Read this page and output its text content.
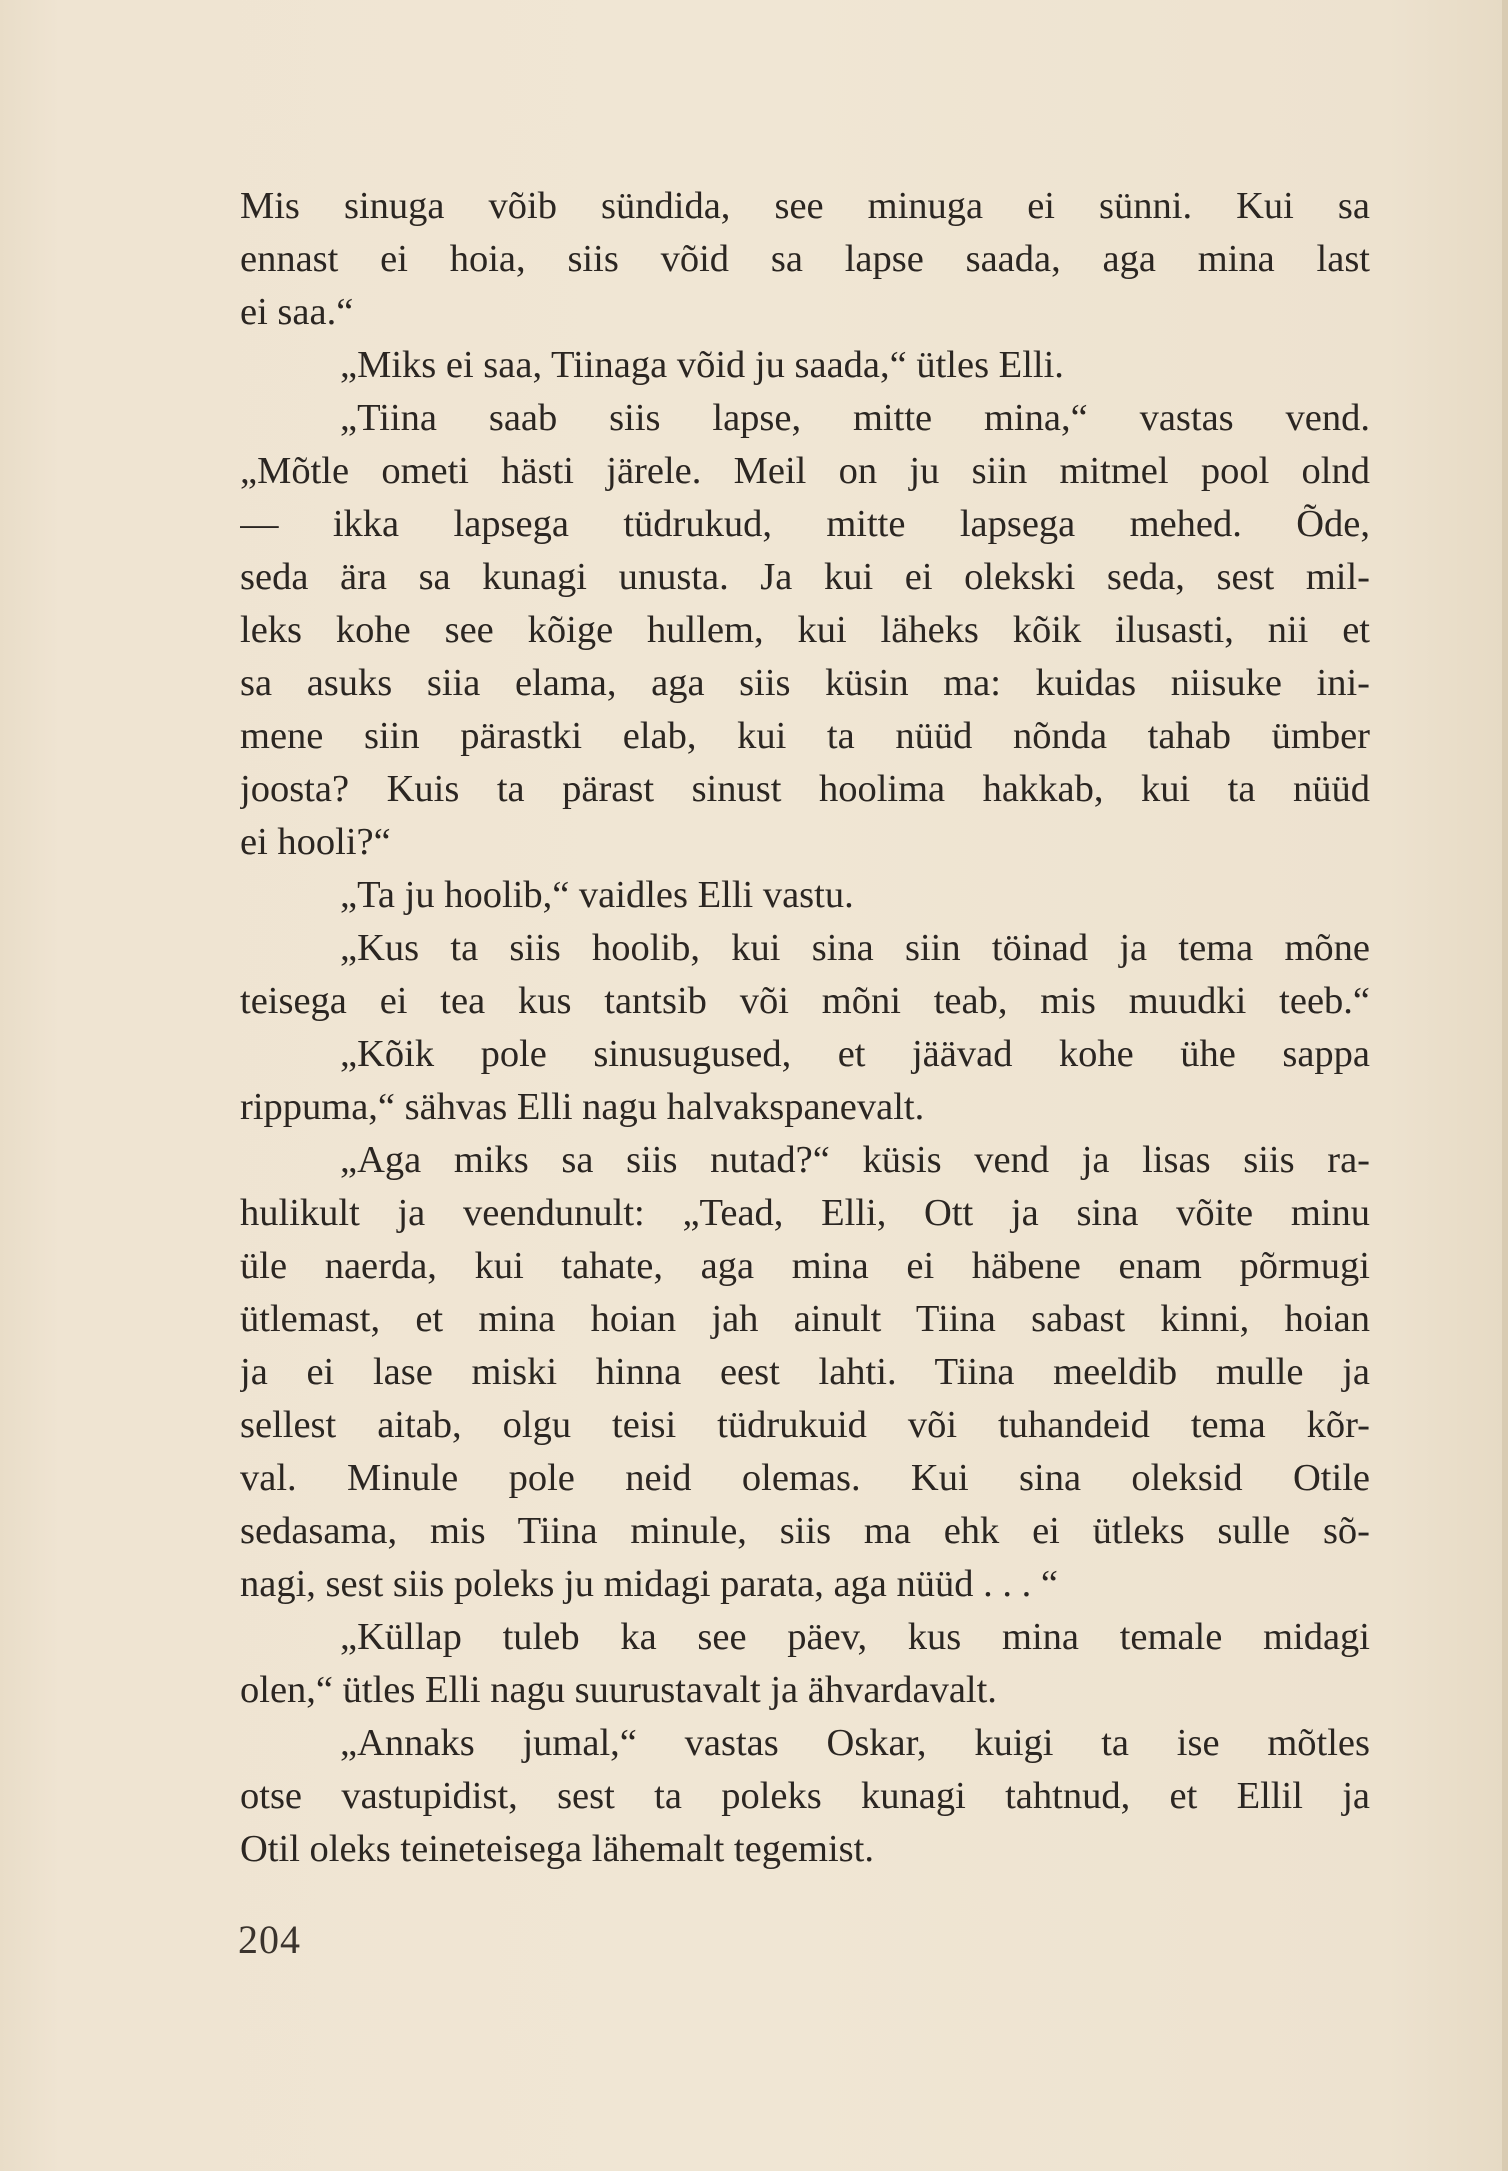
Mis sinuga võib sündida, see minuga ei sünni. Kui sa
ennast ei hoia, siis võid sa lapse saada, aga mina last
ei saa.“
„Miks ei saa, Tiinaga võid ju saada,“ ütles Elli.
„Tiina saab siis lapse, mitte mina,“ vastas vend.
„Mõtle ometi hästi järele. Meil on ju siin mitmel pool olnd
— ikka lapsega tüdrukud, mitte lapsega mehed. Õde,
seda ära sa kunagi unusta. Ja kui ei olekski seda, sest mil-
leks kohe see kõige hullem, kui läheks kõik ilusasti, nii et
sa asuks siia elama, aga siis küsin ma: kuidas niisuke ini-
mene siin pärastki elab, kui ta nüüd nõnda tahab ümber
joosta? Kuis ta pärast sinust hoolima hakkab, kui ta nüüd
ei hooli?“
„Ta ju hoolib,“ vaidles Elli vastu.
„Kus ta siis hoolib, kui sina siin töinad ja tema mõne
teisega ei tea kus tantsib või mõni teab, mis muudki teeb.“
„Kõik pole sinusugused, et jäävad kohe ühe sappa
rippuma,“ sähvas Elli nagu halvakspanevalt.
„Aga miks sa siis nutad?“ küsis vend ja lisas siis ra-
hulikult ja veendunult: „Tead, Elli, Ott ja sina võite minu
üle naerda, kui tahate, aga mina ei häbene enam põrmugi
ütlemast, et mina hoian jah ainult Tiina sabast kinni, hoian
ja ei lase miski hinna eest lahti. Tiina meeldib mulle ja
sellest aitab, olgu teisi tüdrukuid või tuhandeid tema kõr-
val. Minule pole neid olemas. Kui sina oleksid Otile
sedasama, mis Tiina minule, siis ma ehk ei ütleks sulle sõ-
nagi, sest siis poleks ju midagi parata, aga nüüd . . . “
„Küllap tuleb ka see päev, kus mina temale midagi
olen,“ ütles Elli nagu suurustavalt ja ähvardavalt.
„Annaks jumal,“ vastas Oskar, kuigi ta ise mõtles
otse vastupidist, sest ta poleks kunagi tahtnud, et Ellil ja
Otil oleks teineteisega lähemalt tegemist.
204
